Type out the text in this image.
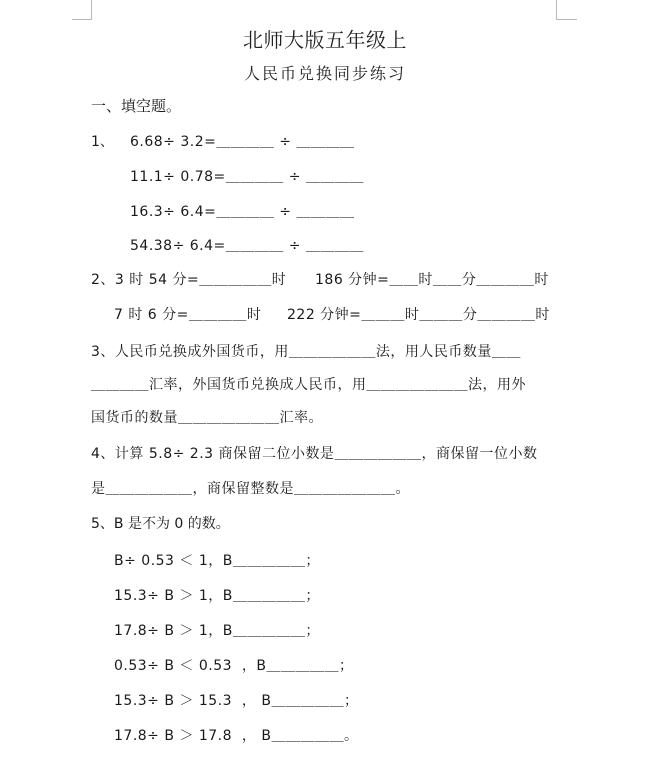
北师大版五年级上
人民币兑换同步练习
一、填空题。
1、 6.68÷ 3.2=＿＿＿＿ ÷ ＿＿＿＿
11.1÷ 0.78=＿＿＿＿ ÷ ＿＿＿＿
16.3÷ 6.4=＿＿＿＿ ÷ ＿＿＿＿
54.38÷ 6.4=＿＿＿＿ ÷ ＿＿＿＿
2、3 时 54 分=＿＿＿＿＿时 186 分钟=＿＿时＿＿分＿＿＿＿时
7 时 6 分=＿＿＿＿时 222 分钟=＿＿＿时＿＿＿分＿＿＿＿时
3、人民币兑换成外国货币，用＿＿＿＿＿＿法，用人民币数量＿＿
＿＿＿＿汇率，外国货币兑换成人民币，用＿＿＿＿＿＿＿法，用外
国货币的数量＿＿＿＿＿＿＿汇率。
4、计算 5.8÷ 2.3 商保留二位小数是＿＿＿＿＿＿，商保留一位小数
是＿＿＿＿＿＿，商保留整数是＿＿＿＿＿＿＿。
5、B 是不为 0 的数。
B÷ 0.53 ＜ 1，B＿＿＿＿＿；
15.3÷ B ＞ 1，B＿＿＿＿＿；
17.8÷ B ＞ 1，B＿＿＿＿＿；
0.53÷ B ＜ 0.53  ，B＿＿＿＿＿；
15.3÷ B ＞ 15.3  ， B＿＿＿＿＿；
17.8÷ B ＞ 17.8  ， B＿＿＿＿＿。
